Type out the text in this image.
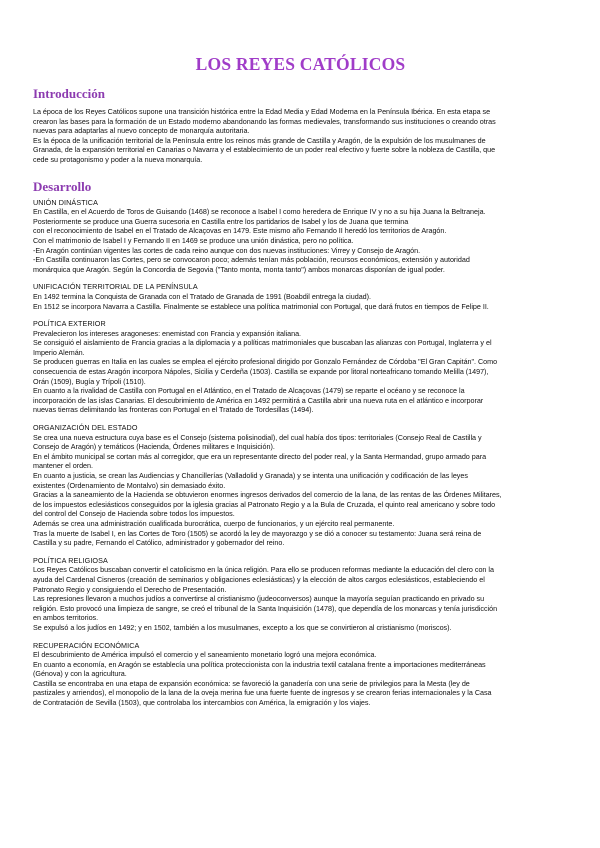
LOS REYES CATÓLICOS
Introducción

La época de los Reyes Católicos supone una transición histórica entre la Edad Media y Edad Moderna en la Península Ibérica. En esta etapa se

crearon las bases para la formación de un Estado moderno abandonando las formas medievales, transformando sus instituciones o creando otras

nuevas para adaptarlas al nuevo concepto de monarquía autoritaria.

Es la época de la unificación territorial de la Península entre los reinos más grande de Castilla y Aragón, de la expulsión de los musulmanes de

Granada, de la expansión territorial en Canarias o Navarra y el establecimiento de un poder real efectivo y fuerte sobre la nobleza de Castilla, que

cede su protagonismo y poder a la nueva monarquía.

Desarrollo

UNIÓN DINÁSTICA

En Castilla, en el Acuerdo de Toros de Guisando (1468) se reconoce a Isabel I como heredera de Enrique IV y no a su hija Juana la Beltraneja.

Posteriormente se produce una Guerra sucesoria en Castilla entre los partidarios de Isabel y los de Juana que termina

con el reconocimiento de Isabel en el Tratado de Alcaçovas en 1479. Este mismo año Fernando II heredó los territorios de Aragón.

Con el matrimonio de Isabel I y Fernando II en 1469 se produce una unión dinástica, pero no política.

-En Aragón continúan vigentes las cortes de cada reino aunque con dos nuevas instituciones: Virrey y Consejo de Aragón.

-En Castilla continuaron las Cortes, pero se convocaron poco; además tenían más población, recursos económicos, extensión y autoridad

monárquica que Aragón. Según la Concordia de Segovia ("Tanto monta, monta tanto") ambos monarcas disponían de igual poder.

UNIFICACIÓN TERRITORIAL DE LA PENÍNSULA

En 1492 termina la Conquista de Granada con el Tratado de Granada de 1991 (Boabdil entrega la ciudad).

En 1512 se incorpora Navarra a Castilla. Finalmente se establece una política matrimonial con Portugal, que dará frutos en tiempos de Felipe II.

POLÍTICA EXTERIOR

Prevalecieron los intereses aragoneses: enemistad con Francia y expansión italiana.

Se consiguió el aislamiento de Francia gracias a la diplomacia y a políticas matrimoniales que buscaban las alianzas con Portugal, Inglaterra y el

Imperio Alemán.

Se producen guerras en Italia en las cuales se emplea el ejército profesional dirigido por Gonzalo Fernández de Córdoba "El Gran Capitán". Como

consecuencia de estas Aragón incorpora Nápoles, Sicilia y Cerdeña (1503). Castilla se expande por litoral norteafricano tomando Melilla (1497),

Orán (1509), Bugía y Trípoli (1510).

En cuanto a la rivalidad de Castilla con Portugal en el Atlántico, en el Tratado de Alcaçovas (1479) se reparte el océano y se reconoce la

incorporación de las islas Canarias. El descubrimiento de América en 1492 permitirá a Castilla abrir una nueva ruta en el atlántico e incorporar

nuevas tierras delimitando las fronteras con Portugal en el Tratado de Tordesillas (1494).

ORGANIZACIÓN DEL ESTADO

Se crea una nueva estructura cuya base es el Consejo (sistema polisinodial), del cual había dos tipos: territoriales (Consejo Real de Castilla y

Consejo de Aragón) y temáticos (Hacienda, Órdenes militares e Inquisición).

En el ámbito municipal se cortan más al corregidor, que era un representante directo del poder real, y la Santa Hermandad, grupo armado para

mantener el orden.

En cuanto a justicia, se crean las Audiencias y Chancillerías (Valladolid y Granada) y se intenta una unificación y codificación de las leyes

existentes (Ordenamiento de Montalvo) sin demasiado éxito.

Gracias a la saneamiento de la Hacienda se obtuvieron enormes ingresos derivados del comercio de la lana, de las rentas de las Órdenes Militares,

de los impuestos eclesiásticos conseguidos por la iglesia gracias al Patronato Regio y a la Bula de Cruzada, el quinto real americano y sobre todo

del control del Consejo de Hacienda sobre todos los impuestos.

Además se crea una administración cualificada burocrática, cuerpo de funcionarios, y un ejército real permanente.

Tras la muerte de Isabel I, en las Cortes de Toro (1505) se acordó la ley de mayorazgo y se dió a conocer su testamento: Juana será reina de

Castilla y su padre, Fernando el Católico, administrador y gobernador del reino.

POLÍTICA RELIGIOSA

Los Reyes Católicos buscaban convertir el catolicismo en la única religión. Para ello se producen reformas mediante la educación del clero con la

ayuda del Cardenal Cisneros (creación de seminarios y obligaciones eclesiásticas) y la elección de altos cargos eclesiásticos, estableciendo el

Patronato Regio y consiguiendo el Derecho de Presentación.

Las represiones llevaron a muchos judíos a convertirse al cristianismo (judeoconversos) aunque la mayoría seguían practicando en privado su

religión. Esto provocó una limpieza de sangre, se creó el tribunal de la Santa Inquisición (1478), que dependía de los monarcas y tenía jurisdicción

en ambos territorios.

Se expulsó a los judíos en 1492; y en 1502, también a los musulmanes, excepto a los que se convirtieron al cristianismo (moriscos).

RECUPERACIÓN ECONÓMICA

El descubrimiento de América impulsó el comercio y el saneamiento monetario logró una mejora económica.

En cuanto a economía, en Aragón se establecía una política proteccionista con la industria textil catalana frente a importaciones mediterráneas

(Génova) y con la agricultura.

Castilla se encontraba en una etapa de expansión económica: se favoreció la ganadería con una serie de privilegios para la Mesta (ley de

pastizales y arriendos), el monopolio de la lana de la oveja merina fue una fuerte fuente de ingresos y se crearon ferias internacionales y la Casa

de Contratación de Sevilla (1503), que controlaba los intercambios con América, la emigración y los viajes.
